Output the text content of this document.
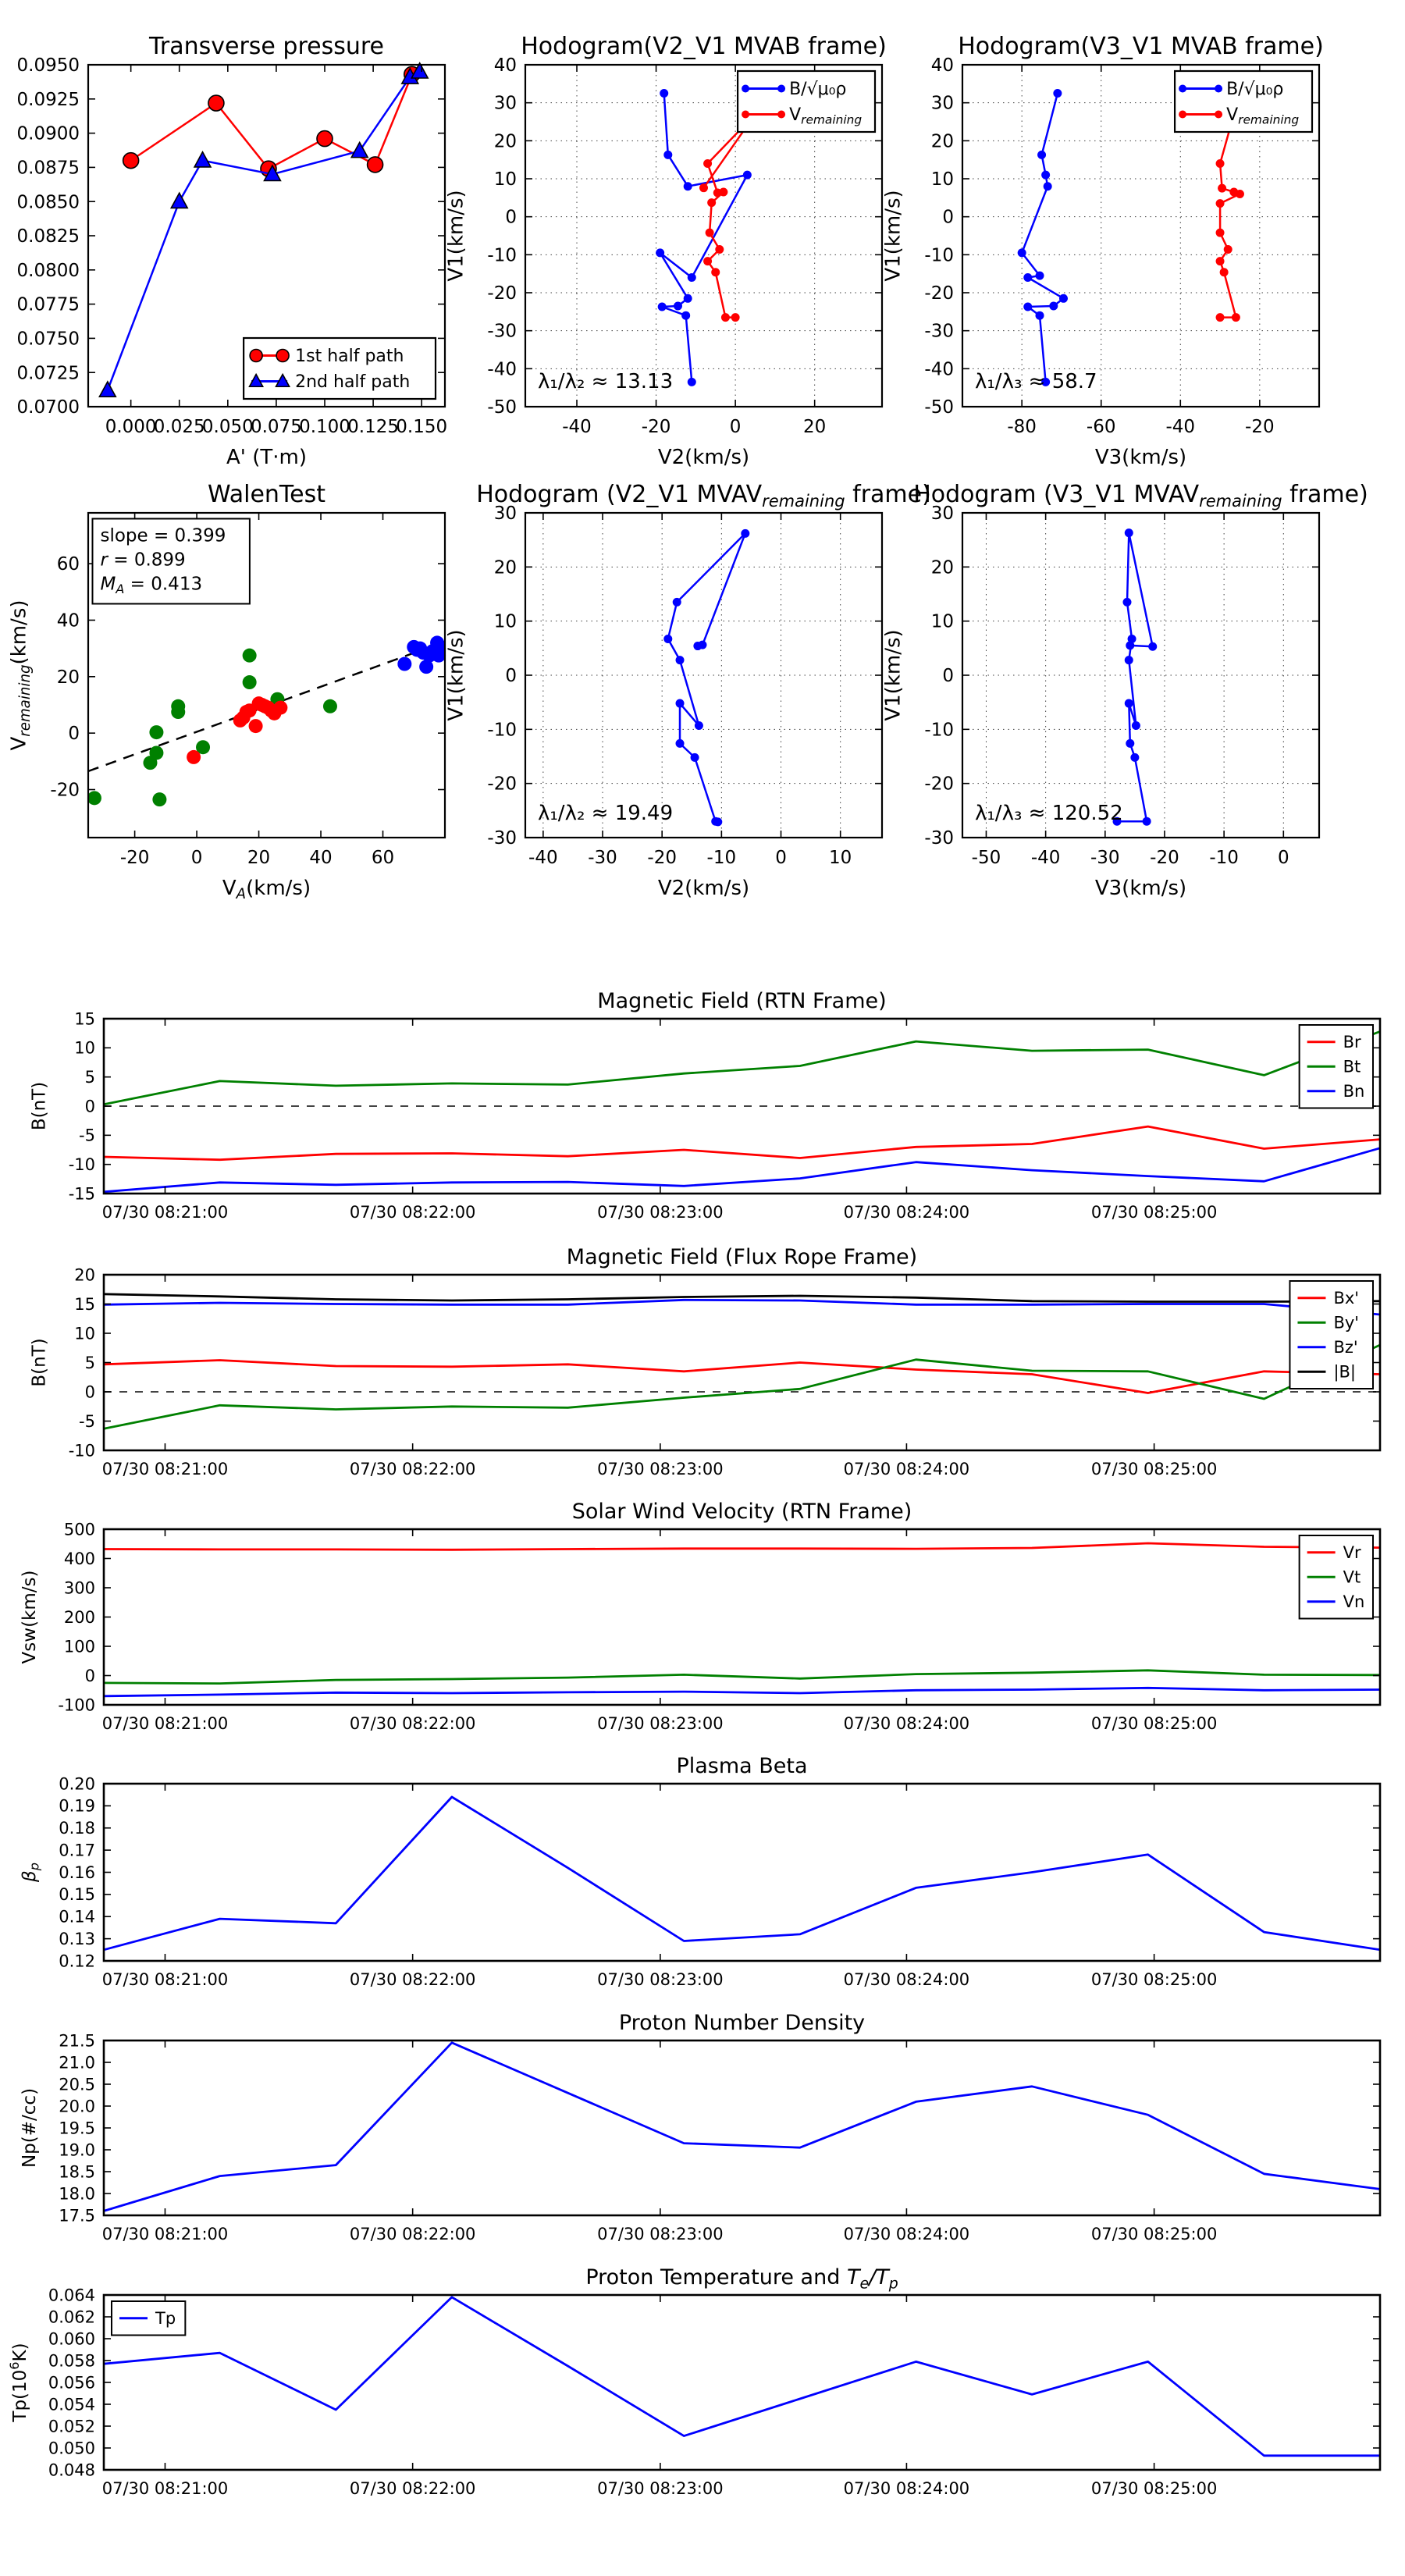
0.000
0.025
0.050
0.075
0.100
0.125
0.150
0.0700
0.0725
0.0750
0.0775
0.0800
0.0825
0.0850
0.0875
0.0900
0.0925
0.0950
Transverse pressure
A' (T·m)
1st half path
2nd half path
-40	-20	0	20
-50
-40
-30
-20
-10
0
10
20
30
40
Hodogram(V2_V1 MVAB frame)
V2(km/s)
V1(km/s)
λ₁/λ₂ ≈ 13.13
B/√μ₀ρ
$V_{remaining}$
-80	-60	-40	-20
-50
-40
-30
-20
-10
0
10
20
30
40
Hodogram(V3_V1 MVAB frame)
V3(km/s)
V1(km/s)
λ₁/λ₃ ≈ 58.7
B/√μ₀ρ
$V_{remaining}$
-20 0	20 40 60
-20
0
20
40
60
WalenTest
$V_A(km/s)$
$V_{remaining}(km/s)$
slope = 0.399
r = 0.899
MA = 0.413
-40 -30 -20 -10 0 10
-30
-20
-10
0
10
20
30
Hodogram (V2_V1 $MVAV_{remaining}$ frame)
V2(km/s)
V1(km/s)
λ₁/λ₂ ≈ 19.49
-50 -40 -30 -20 -10 0
-30
-20
-10
0
10
20
30
Hodogram (V3_V1 $MVAV_{remaining}$ frame)
V3(km/s)
V1(km/s)
λ₁/λ₃ ≈ 120.52
07/30 08:21:00	07/30 08:22:00	07/30 08:23:00	07/30 08:24:00	07/30 08:25:00
-15
-10
-5
0
5
10
15
Magnetic Field (RTN Frame)
B(nT)
Br
Bt
Bn
07/30 08:21:00	07/30 08:22:00	07/30 08:23:00	07/30 08:24:00	07/30 08:25:00
-10
-5
0
5
10
15
20
Magnetic Field (Flux Rope Frame)
B(nT)
Bx'
By'
Bz'
|B|
07/30 08:21:00	07/30 08:22:00	07/30 08:23:00	07/30 08:24:00	07/30 08:25:00
-100
0
100
200
300
400
500
Solar Wind Velocity (RTN Frame)
Vsw(km/s)
Vr
Vt
Vn
07/30 08:21:00	07/30 08:22:00	07/30 08:23:00	07/30 08:24:00	07/30 08:25:00
0.12
0.13
0.14
0.15
0.16
0.17
0.18
0.19
0.20
Plasma Beta
βp
07/30 08:21:00	07/30 08:22:00	07/30 08:23:00	07/30 08:24:00	07/30 08:25:00
17.5
18.0
18.5
19.0
19.5
20.0
20.5
21.0
21.5
Proton Number Density
Np(#/cc)
07/30 08:21:00	07/30 08:22:00	07/30 08:23:00	07/30 08:24:00	07/30 08:25:00
0.048
0.050
0.052
0.054
0.056
0.058
0.060
0.062
0.064
Proton Temperature and $T_e/T_p$
$Tp(10^6K)$
Tp
